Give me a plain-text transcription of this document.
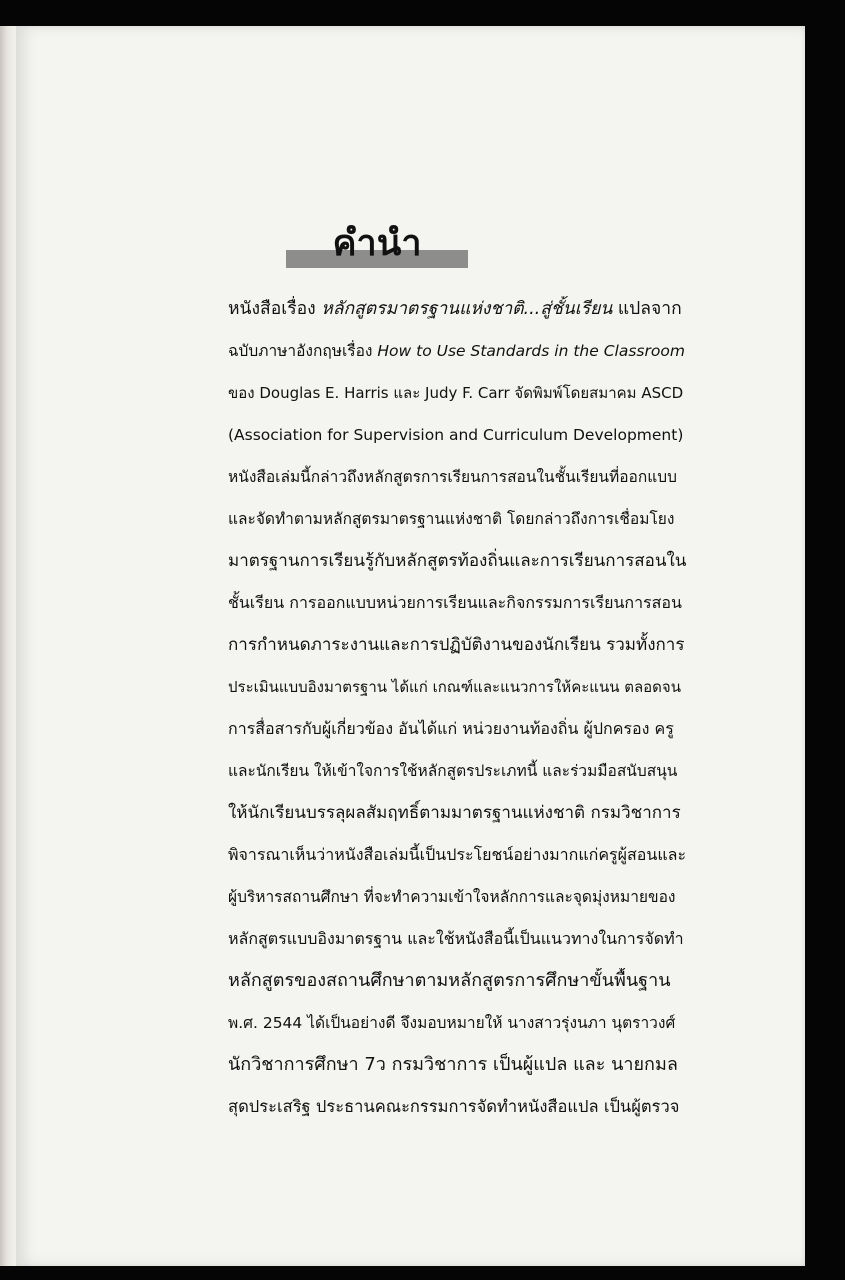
คำนำ
หนังสือเรื่อง หลักสูตรมาตรฐานแห่งชาติ...สู่ชั้นเรียน แปลจาก
ฉบับภาษาอังกฤษเรื่อง How to Use Standards in the Classroom
ของ Douglas E. Harris และ Judy F. Carr จัดพิมพ์โดยสมาคม ASCD
(Association for Supervision and Curriculum Development)
หนังสือเล่มนี้กล่าวถึงหลักสูตรการเรียนการสอนในชั้นเรียนที่ออกแบบ
และจัดทำตามหลักสูตรมาตรฐานแห่งชาติ โดยกล่าวถึงการเชื่อมโยง
มาตรฐานการเรียนรู้กับหลักสูตรท้องถิ่นและการเรียนการสอนใน
ชั้นเรียน การออกแบบหน่วยการเรียนและกิจกรรมการเรียนการสอน
การกำหนดภาระงานและการปฏิบัติงานของนักเรียน รวมทั้งการ
ประเมินแบบอิงมาตรฐาน ได้แก่ เกณฑ์และแนวการให้คะแนน ตลอดจน
การสื่อสารกับผู้เกี่ยวข้อง อันได้แก่ หน่วยงานท้องถิ่น ผู้ปกครอง ครู
และนักเรียน ให้เข้าใจการใช้หลักสูตรประเภทนี้ และร่วมมือสนับสนุน
ให้นักเรียนบรรลุผลสัมฤทธิ์ตามมาตรฐานแห่งชาติ กรมวิชาการ
พิจารณาเห็นว่าหนังสือเล่มนี้เป็นประโยชน์อย่างมากแก่ครูผู้สอนและ
ผู้บริหารสถานศึกษา ที่จะทำความเข้าใจหลักการและจุดมุ่งหมายของ
หลักสูตรแบบอิงมาตรฐาน และใช้หนังสือนี้เป็นแนวทางในการจัดทำ
หลักสูตรของสถานศึกษาตามหลักสูตรการศึกษาขั้นพื้นฐาน
พ.ศ. 2544 ได้เป็นอย่างดี จึงมอบหมายให้ นางสาวรุ่งนภา นุตราวงศ์
นักวิชาการศึกษา 7ว กรมวิชาการ เป็นผู้แปล และ นายกมล
สุดประเสริฐ ประธานคณะกรรมการจัดทำหนังสือแปล เป็นผู้ตรวจ
